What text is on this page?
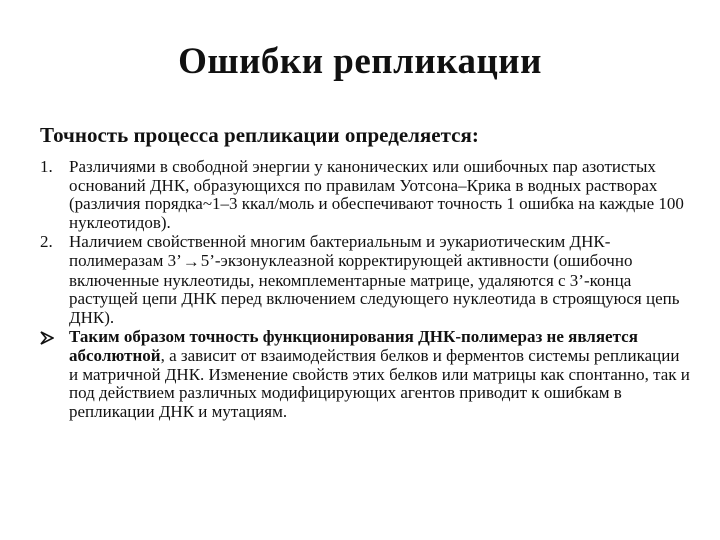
Ошибки репликации
Точность процесса репликации определяется:
1. Различиями в свободной энергии у канонических или ошибочных пар азотистых оснований ДНК, образующихся по правилам Уотсона–Крика в водных растворах (различия порядка~1–3 ккал/моль и обеспечивают точность 1 ошибка на каждые 100 нуклеотидов).
2. Наличием свойственной многим бактериальным и эукариотическим ДНК-полимеразам 3’→5’-экзонуклеазной корректирующей активности (ошибочно включенные нуклеотиды, некомплементарные матрице, удаляются с 3’-конца растущей цепи ДНК перед включением следующего нуклеотида в строящуюся цепь ДНК).
Таким образом точность функционирования ДНК-полимераз не является абсолютной, а зависит от взаимодействия белков и ферментов системы репликации и матричной ДНК. Изменение свойств этих белков или матрицы как спонтанно, так и под действием различных модифицирующих агентов приводит к ошибкам в репликации ДНК и мутациям.
